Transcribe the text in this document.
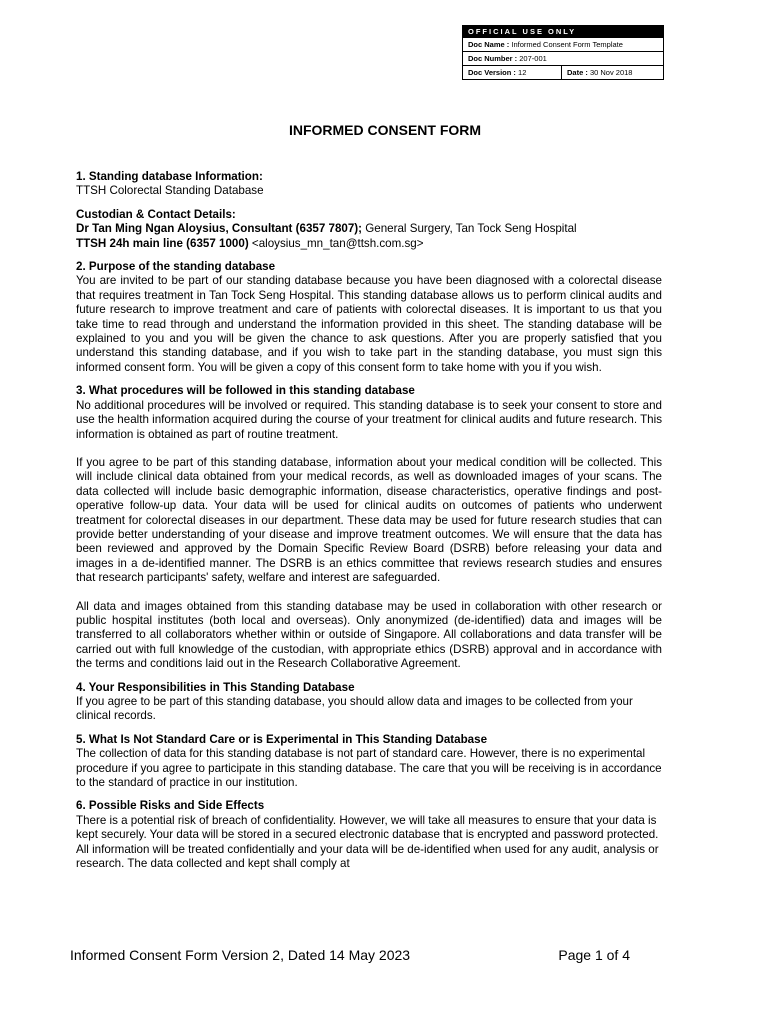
OFFICIAL USE ONLY
Doc Name : Informed Consent Form Template
Doc Number : 207-001
Doc Version : 12	Date : 30 Nov 2018
INFORMED CONSENT FORM
1. Standing database Information:

TTSH Colorectal Standing Database

Custodian & Contact Details:

Dr Tan Ming Ngan Aloysius, Consultant (6357 7807); General Surgery, Tan Tock Seng Hospital

TTSH 24h main line (6357 1000) <aloysius_mn_tan@ttsh.com.sg>

2. Purpose of the standing database

You are invited to be part of our standing database because you have been diagnosed with a colorectal disease that requires treatment in Tan Tock Seng Hospital. This standing database allows us to perform clinical audits and future research to improve treatment and care of patients with colorectal diseases. It is important to us that you take time to read through and understand the information provided in this sheet. The standing database will be explained to you and you will be given the chance to ask questions. After you are properly satisfied that you understand this standing database, and if you wish to take part in the standing database, you must sign this informed consent form. You will be given a copy of this consent form to take home with you if you wish.

3. What procedures will be followed in this standing database

No additional procedures will be involved or required. This standing database is to seek your consent to store and use the health information acquired during the course of your treatment for clinical audits and future research. This information is obtained as part of routine treatment.

If you agree to be part of this standing database, information about your medical condition will be collected. This will include clinical data obtained from your medical records, as well as downloaded images of your scans. The data collected will include basic demographic information, disease characteristics, operative findings and post-operative follow-up data. Your data will be used for clinical audits on outcomes of patients who underwent treatment for colorectal diseases in our department. These data may be used for future research studies that can provide better understanding of your disease and improve treatment outcomes. We will ensure that the data has been reviewed and approved by the Domain Specific Review Board (DSRB) before releasing your data and images in a de-identified manner. The DSRB is an ethics committee that reviews research studies and ensures that research participants' safety, welfare and interest are safeguarded.

All data and images obtained from this standing database may be used in collaboration with other research or public hospital institutes (both local and overseas). Only anonymized (de-identified) data and images will be transferred to all collaborators whether within or outside of Singapore. All collaborations and data transfer will be carried out with full knowledge of the custodian, with appropriate ethics (DSRB) approval and in accordance with the terms and conditions laid out in the Research Collaborative Agreement.

4. Your Responsibilities in This Standing Database

If you agree to be part of this standing database, you should allow data and images to be collected from your clinical records.

5. What Is Not Standard Care or is Experimental in This Standing Database

The collection of data for this standing database is not part of standard care. However, there is no experimental procedure if you agree to participate in this standing database. The care that you will be receiving is in accordance to the standard of practice in our institution.

6. Possible Risks and Side Effects

There is a potential risk of breach of confidentiality. However, we will take all measures to ensure that your data is kept securely. Your data will be stored in a secured electronic database that is encrypted and password protected. All information will be treated confidentially and your data will be de-identified when used for any audit, analysis or research. The data collected and kept shall comply at

Informed Consent Form Version 2, Dated 14 May 2023	Page 1 of 4
